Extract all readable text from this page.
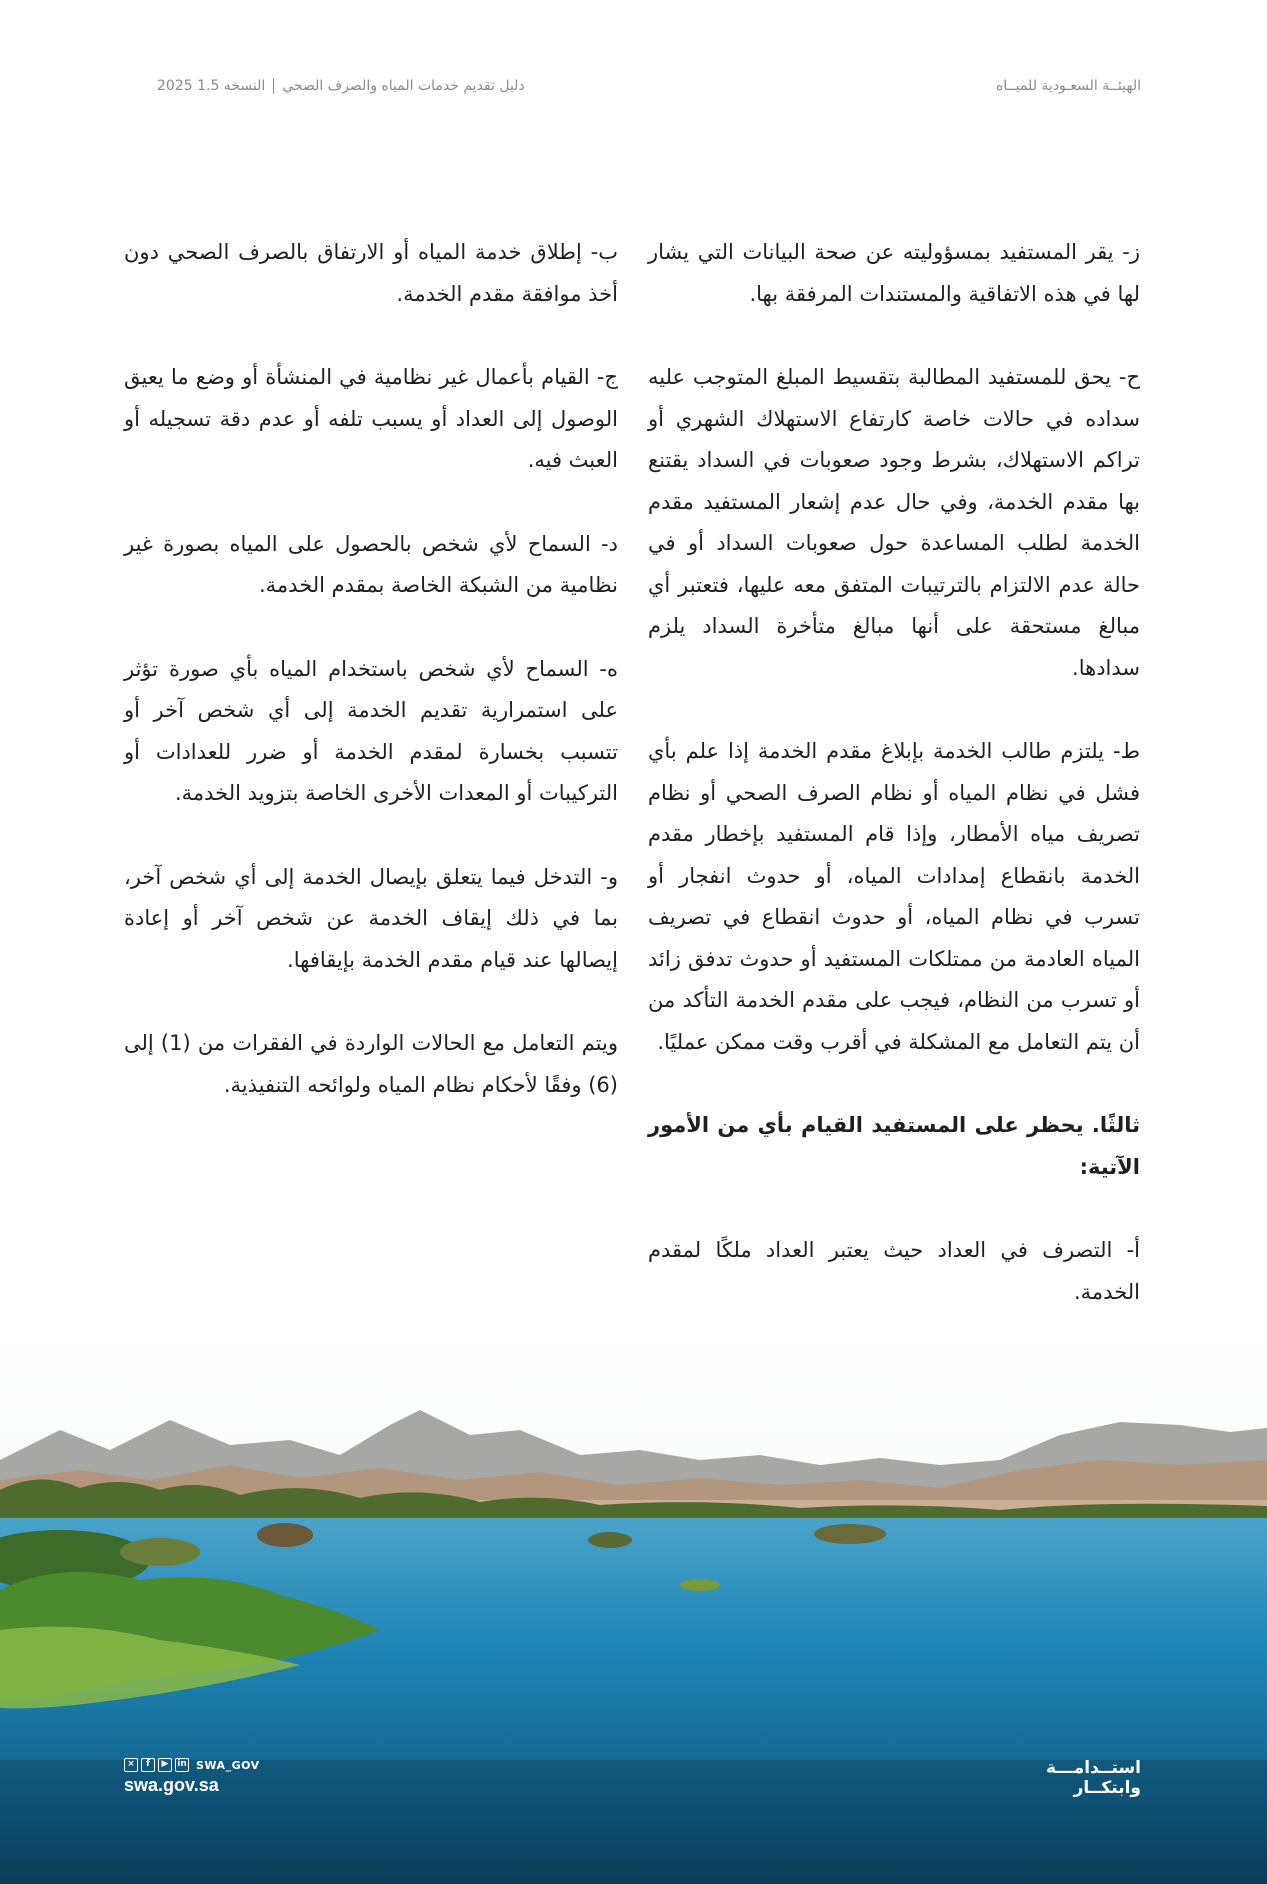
الهيئــة السعـودية للميــاه
دليل تقديم خدمات المياه والصرف الصحيالنسخه 1.5 2025

ز- يقر المستفيد بمسؤوليته عن صحة البيانات التي يشار لها في هذه الاتفاقية والمستندات المرفقة بها.

ح- يحق للمستفيد المطالبة بتقسيط المبلغ المتوجب عليه سداده في حالات خاصة كارتفاع الاستهلاك الشهري أو تراكم الاستهلاك، بشرط وجود صعوبات في السداد يقتنع بها مقدم الخدمة، وفي حال عدم إشعار المستفيد مقدم الخدمة لطلب المساعدة حول صعوبات السداد أو في حالة عدم الالتزام بالترتيبات المتفق معه عليها، فتعتبر أي مبالغ مستحقة على أنها مبالغ متأخرة السداد يلزم سدادها.

ط- يلتزم طالب الخدمة بإبلاغ مقدم الخدمة إذا علم بأي فشل في نظام المياه أو نظام الصرف الصحي أو نظام تصريف مياه الأمطار، وإذا قام المستفيد بإخطار مقدم الخدمة بانقطاع إمدادات المياه، أو حدوث انفجار أو تسرب في نظام المياه، أو حدوث انقطاع في تصريف المياه العادمة من ممتلكات المستفيد أو حدوث تدفق زائد أو تسرب من النظام، فيجب على مقدم الخدمة التأكد من أن يتم التعامل مع المشكلة في أقرب وقت ممكن عمليًا.

ثالثًا. يحظر على المستفيد القيام بأي من الأمور الآتية:

أ- التصرف في العداد حيث يعتبر العداد ملكًا لمقدم الخدمة.

ب- إطلاق خدمة المياه أو الارتفاق بالصرف الصحي دون أخذ موافقة مقدم الخدمة.

ج- القيام بأعمال غير نظامية في المنشأة أو وضع ما يعيق الوصول إلى العداد أو يسبب تلفه أو عدم دقة تسجيله أو العبث فيه.

د- السماح لأي شخص بالحصول على المياه بصورة غير نظامية من الشبكة الخاصة بمقدم الخدمة.

ه- السماح لأي شخص باستخدام المياه بأي صورة تؤثر على استمرارية تقديم الخدمة إلى أي شخص آخر أو تتسبب بخسارة لمقدم الخدمة أو ضرر للعدادات أو التركيبات أو المعدات الأخرى الخاصة بتزويد الخدمة.

و- التدخل فيما يتعلق بإيصال الخدمة إلى أي شخص آخر، بما في ذلك إيقاف الخدمة عن شخص آخر أو إعادة إيصالها عند قيام مقدم الخدمة بإيقافها.

ويتم التعامل مع الحالات الواردة في الفقرات من (1) إلى (6) وفقًا لأحكام نظام المياه ولوائحه التنفيذية.

استــدامـــة
وابتكــار
×	f	▶ in SWA_GOV
swa.gov.sa
